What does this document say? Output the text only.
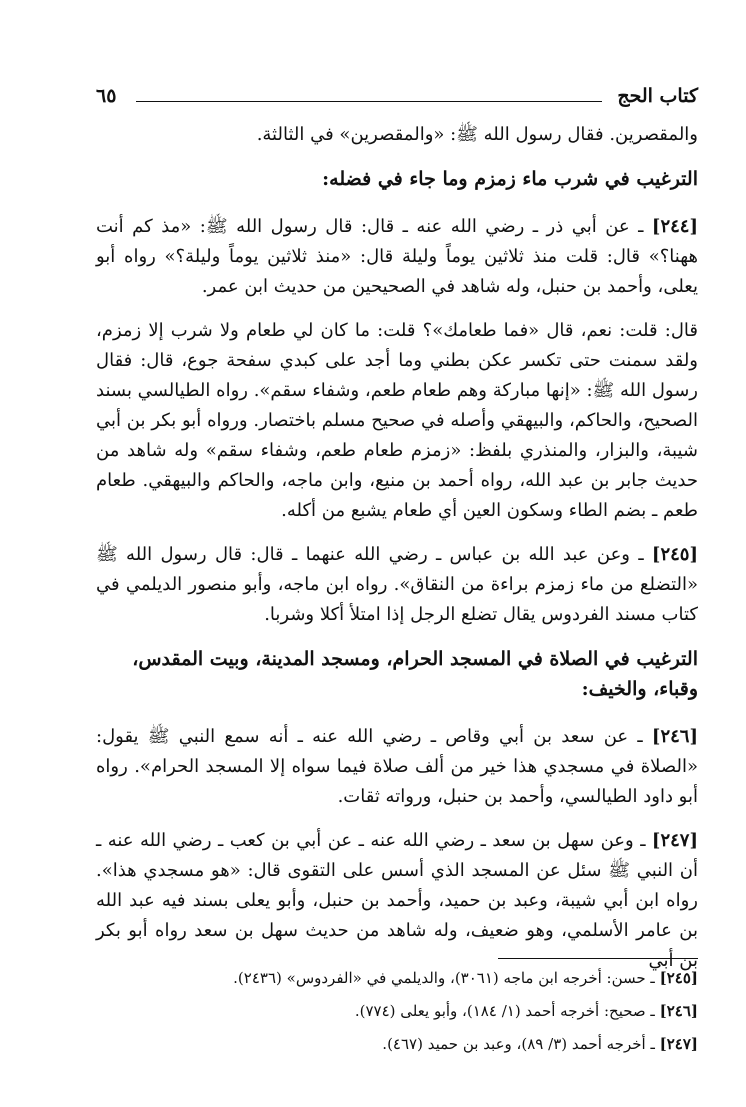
كتاب الحج
٦٥

والمقصرين. فقال رسول الله ﷺ: «والمقصرين» في الثالثة.

الترغيب في شرب ماء زمزم وما جاء في فضله:

[٢٤٤] ـ عن أبي ذر ـ رضي الله عنه ـ قال: قال رسول الله ﷺ: «مذ كم أنت ههنا؟» قال: قلت منذ ثلاثين يوماً وليلة قال: «منذ ثلاثين يوماً وليلة؟» رواه أبو يعلى، وأحمد بن حنبل، وله شاهد في الصحيحين من حديث ابن عمر.

قال: قلت: نعم، قال «فما طعامك»؟ قلت: ما كان لي طعام ولا شرب إلا زمزم، ولقد سمنت حتى تكسر عكن بطني وما أجد على كبدي سفحة جوع، قال: فقال رسول الله ﷺ: «إنها مباركة وهم طعام طعم، وشفاء سقم». رواه الطيالسي بسند الصحيح، والحاكم، والبيهقي وأصله في صحيح مسلم باختصار. ورواه أبو بكر بن أبي شيبة، والبزار، والمنذري بلفظ: «زمزم طعام طعم، وشفاء سقم» وله شاهد من حديث جابر بن عبد الله، رواه أحمد بن منيع، وابن ماجه، والحاكم والبيهقي. طعام طعم ـ بضم الطاء وسكون العين أي طعام يشبع من أكله.

[٢٤٥] ـ وعن عبد الله بن عباس ـ رضي الله عنهما ـ قال: قال رسول الله ﷺ «التضلع من ماء زمزم براءة من النقاق». رواه ابن ماجه، وأبو منصور الديلمي في كتاب مسند الفردوس يقال تضلع الرجل إذا امتلأ أكلا وشربا.

الترغيب في الصلاة في المسجد الحرام، ومسجد المدينة، وبيت المقدس، وقباء، والخيف:

[٢٤٦] ـ عن سعد بن أبي وقاص ـ رضي الله عنه ـ أنه سمع النبي ﷺ يقول: «الصلاة في مسجدي هذا خير من ألف صلاة فيما سواه إلا المسجد الحرام». رواه أبو داود الطيالسي، وأحمد بن حنبل، ورواته ثقات.

[٢٤٧] ـ وعن سهل بن سعد ـ رضي الله عنه ـ عن أبي بن كعب ـ رضي الله عنه ـ أن النبي ﷺ سئل عن المسجد الذي أسس على التقوى قال: «هو مسجدي هذا». رواه ابن أبي شيبة، وعبد بن حميد، وأحمد بن حنبل، وأبو يعلى بسند فيه عبد الله بن عامر الأسلمي، وهو ضعيف، وله شاهد من حديث سهل بن سعد رواه أبو بكر بن أبي

[٢٤٥] ـ حسن: أخرجه ابن ماجه (٣٠٦١)، والديلمي في «الفردوس» (٢٤٣٦).
[٢٤٦] ـ صحيح: أخرجه أحمد (١/ ١٨٤)، وأبو يعلى (٧٧٤).
[٢٤٧] ـ أخرجه أحمد (٣/ ٨٩)، وعبد بن حميد (٤٦٧).
